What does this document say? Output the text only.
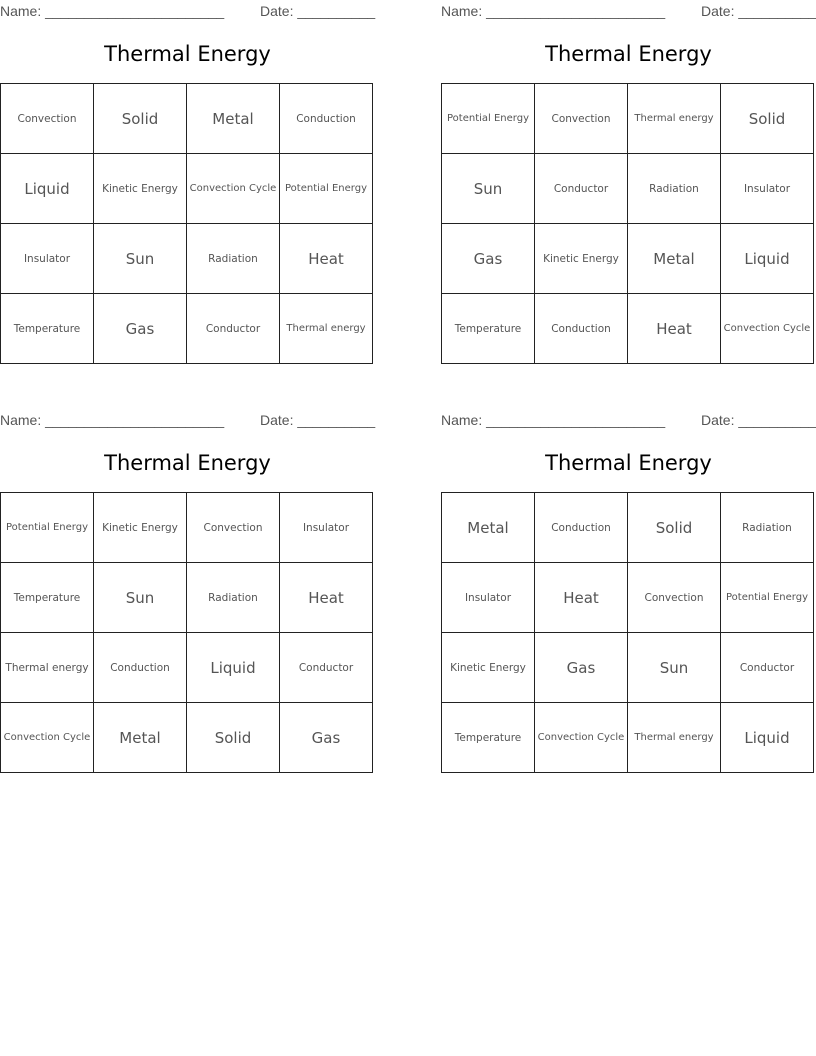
Name: _______________________

	Date: __________

Thermal Energy
Convection	Solid	Metal	Conduction
Liquid	Kinetic Energy	Convection Cycle	Potential Energy
Insulator	Sun	Radiation	Heat
Temperature	Gas	Conductor	Thermal energy

Name: _______________________

	Date: __________

Thermal Energy
Potential Energy	Convection	Thermal energy	Solid
Sun	Conductor	Radiation	Insulator
Gas	Kinetic Energy	Metal	Liquid
Temperature	Conduction	Heat	Convection Cycle

Name: _______________________

	Date: __________

Thermal Energy
Potential Energy	Kinetic Energy	Convection	Insulator
Temperature	Sun	Radiation	Heat
Thermal energy	Conduction	Liquid	Conductor
Convection Cycle	Metal	Solid	Gas

Name: _______________________

	Date: __________

Thermal Energy
Metal	Conduction	Solid	Radiation
Insulator	Heat	Convection	Potential Energy
Kinetic Energy	Gas	Sun	Conductor
Temperature	Convection Cycle	Thermal energy	Liquid
